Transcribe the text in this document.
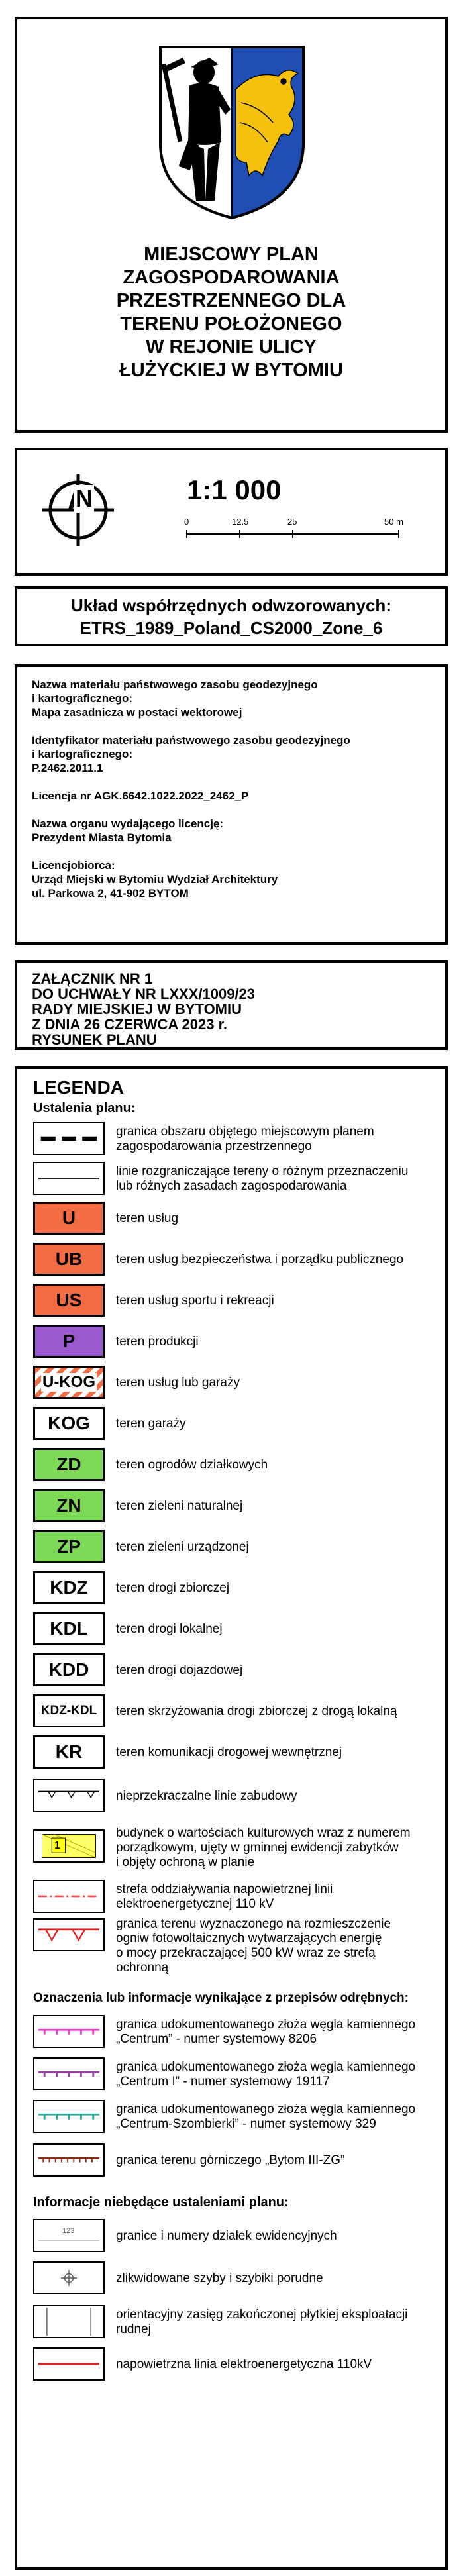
MIEJSCOWY PLAN
ZAGOSPODAROWANIA
PRZESTRZENNEGO DLA
TERENU POŁOŻONEGO
W REJONIE ULICY
ŁUŻYCKIEJ W BYTOMIU
N	1:1 000
0	12.5	25	50 m
Układ współrzędnych odwzorowanych:
ETRS_1989_Poland_CS2000_Zone_6
Nazwa materiału państwowego zasobu geodezyjnego
i kartograficznego:
Mapa zasadnicza w postaci wektorowej
Identyfikator materiału państwowego zasobu geodezyjnego
i kartograficznego:
P.2462.2011.1
Licencja nr AGK.6642.1022.2022_2462_P
Nazwa organu wydającego licencję:
Prezydent Miasta Bytomia
Licencjobiorca:
Urząd Miejski w Bytomiu Wydział Architektury
ul. Parkowa 2, 41-902 BYTOM
ZAŁĄCZNIK NR 1
DO UCHWAŁY NR LXXX/1009/23
RADY MIEJSKIEJ W BYTOMIU
Z DNIA 26 CZERWCA 2023 r.
RYSUNEK PLANU
LEGENDA
Ustalenia planu:
granica obszaru objętego miejscowym planem
zagospodarowania przestrzennego
linie rozgraniczające tereny o różnym przeznaczeniu
lub różnych zasadach zagospodarowania
U	teren usług
UB	teren usług bezpieczeństwa i porządku publicznego
US	teren usług sportu i rekreacji
P	teren produkcji
U-KOG teren usług lub garaży
KOG	teren garaży
ZD	teren ogrodów działkowych
ZN	teren zieleni naturalnej
ZP	teren zieleni urządzonej
KDZ	teren drogi zbiorczej
KDL	teren drogi lokalnej
KDD	teren drogi dojazdowej
KDZ-KDL	teren skrzyżowania drogi zbiorczej z drogą lokalną
KR	teren komunikacji drogowej wewnętrznej
nieprzekraczalne linie zabudowy
1
budynek o wartościach kulturowych wraz z numerem
porządkowym, ujęty w gminnej ewidencji zabytków
i objęty ochroną w planie
strefa oddziaływania napowietrznej linii
elektroenergetycznej 110 kV
granica terenu wyznaczonego na rozmieszczenie
ogniw fotowoltaicznych wytwarzających energię
o mocy przekraczającej 500 kW wraz ze strefą
ochronną
Oznaczenia lub informacje wynikające z przepisów odrębnych:
granica udokumentowanego złoża węgla kamiennego
„Centrum” - numer systemowy 8206
granica udokumentowanego złoża węgla kamiennego
„Centrum I” - numer systemowy 19117
granica udokumentowanego złoża węgla kamiennego
„Centrum-Szombierki” - numer systemowy 329
granica terenu górniczego „Bytom III-ZG”
Informacje niebędące ustaleniami planu:
123	granice i numery działek ewidencyjnych
zlikwidowane szyby i szybiki porudne
orientacyjny zasięg zakończonej płytkiej eksploatacji
rudnej
napowietrzna linia elektroenergetyczna 110kV
